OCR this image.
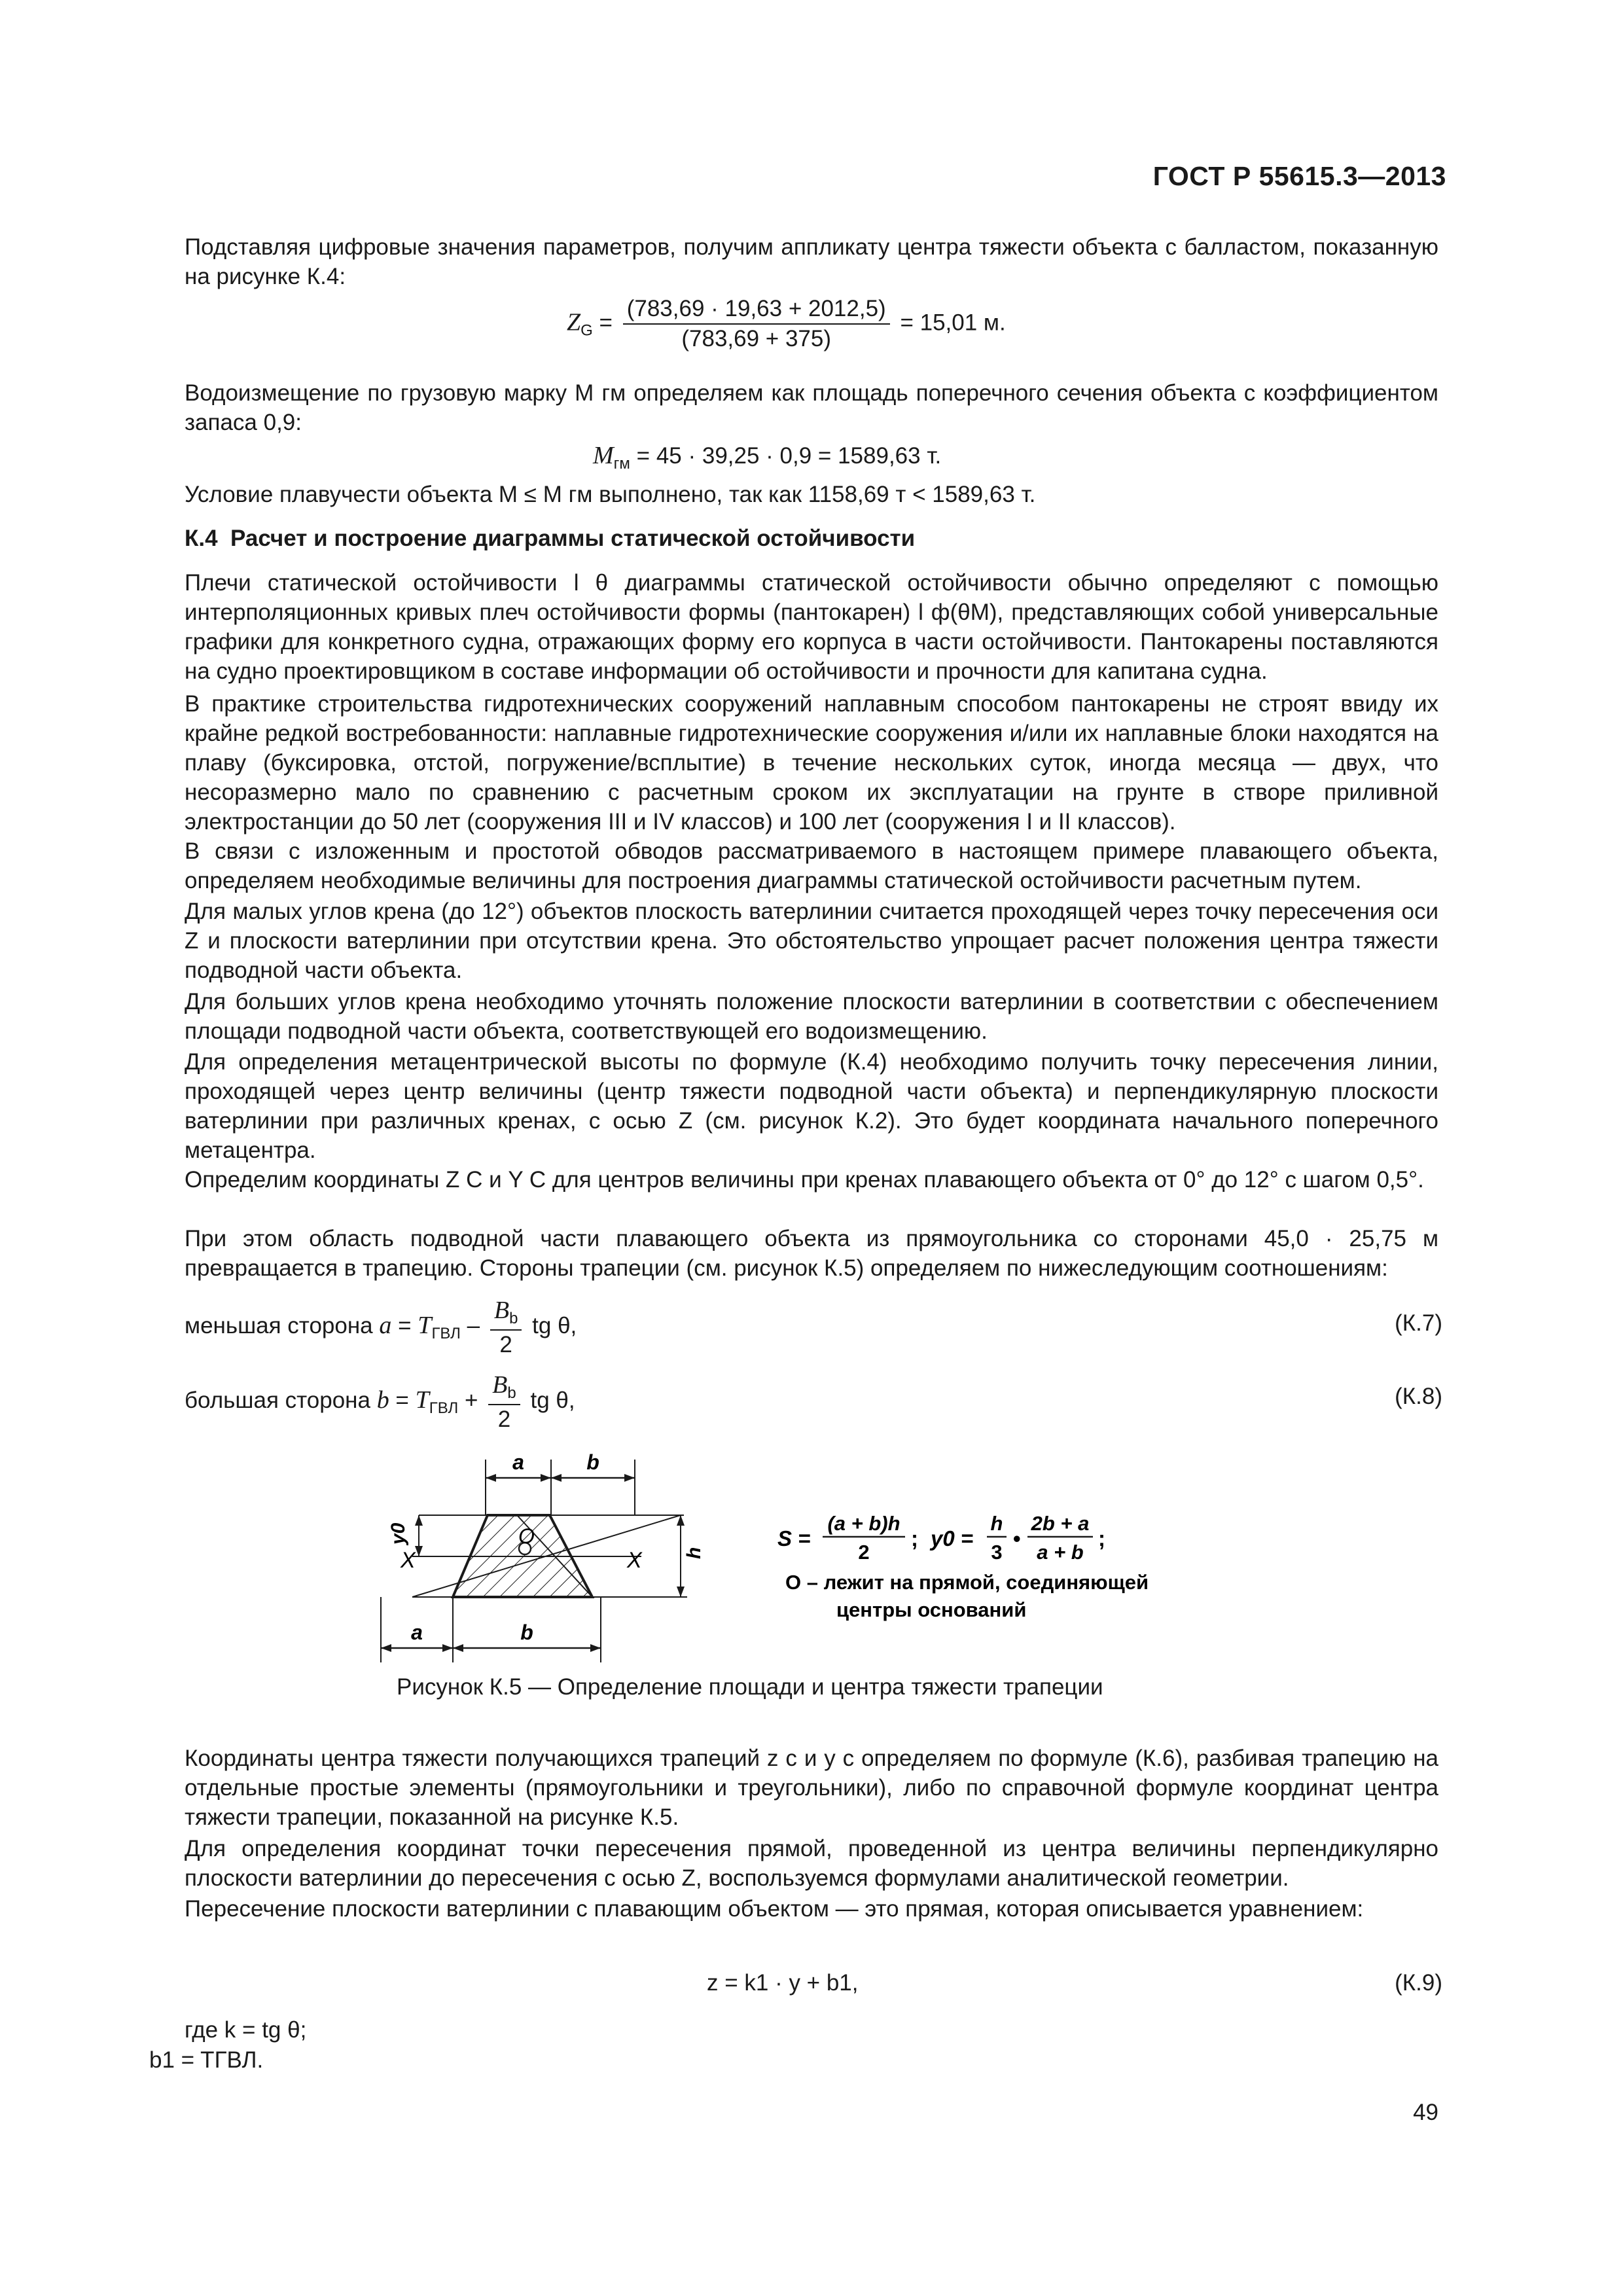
ГОСТ Р 55615.3—2013
Подставляя цифровые значения параметров, получим аппликату центра тяжести объекта с балластом, показанную на рисунке К.4:
$Z_G = \frac{(783,69 \cdot 19,63 + 2012,5)}{(783,69 + 375)} = 15,01$ м.
Водоизмещение по грузовую марку M гм определяем как площадь поперечного сечения объекта с коэффициентом запаса 0,9:
$M_{гм} = 45 \cdot 39,25 \cdot 0,9 = 1589,63$ т.
Условие плавучести объекта M ≤ M гм выполнено, так как 1158,69 т < 1589,63 т.
К.4 Расчет и построение диаграммы статической остойчивости
Плечи статической остойчивости l θ диаграммы статической остойчивости обычно определяют с помощью интерполяционных кривых плеч остойчивости формы (пантокарен) l ф(θM), представляющих собой универсальные графики для конкретного судна, отражающих форму его корпуса в части остойчивости. Пантокарены поставляются на судно проектировщиком в составе информации об остойчивости и прочности для капитана судна.
В практике строительства гидротехнических сооружений наплавным способом пантокарены не строят ввиду их крайне редкой востребованности: наплавные гидротехнические сооружения и/или их наплавные блоки находятся на плаву (буксировка, отстой, погружение/всплытие) в течение нескольких суток, иногда месяца — двух, что несоразмерно мало по сравнению с расчетным сроком их эксплуатации на грунте в створе приливной электростанции до 50 лет (сооружения III и IV классов) и 100 лет (сооружения I и II классов).
В связи с изложенным и простотой обводов рассматриваемого в настоящем примере плавающего объекта, определяем необходимые величины для построения диаграммы статической остойчивости расчетным путем.
Для малых углов крена (до 12°) объектов плоскость ватерлинии считается проходящей через точку пересечения оси Z и плоскости ватерлинии при отсутствии крена. Это обстоятельство упрощает расчет положения центра тяжести подводной части объекта.
Для больших углов крена необходимо уточнять положение плоскости ватерлинии в соответствии с обеспечением площади подводной части объекта, соответствующей его водоизмещению.
Для определения метацентрической высоты по формуле (К.4) необходимо получить точку пересечения линии, проходящей через центр величины (центр тяжести подводной части объекта) и перпендикулярную плоскости ватерлинии при различных кренах, с осью Z (см. рисунок К.2). Это будет координата начального поперечного метацентра.
Определим координаты Z C и Y C для центров величины при кренах плавающего объекта от 0° до 12° с шагом 0,5°.
При этом область подводной части плавающего объекта из прямоугольника со сторонами 45,0 · 25,75 м превращается в трапецию. Стороны трапеции (см. рисунок К.5) определяем по нижеследующим соотношениям:
меньшая сторона $a = T_{ГВЛ} - \frac{B_b}{2}$ tg θ,	(К.7)
большая сторона $b = T_{ГВЛ} + \frac{B_b}{2}$ tg θ,	(К.8)
a	b
X	X
O
y0
h
a	b
S =
(a + b)h
2
; y0 =
h
3
•
2b + a
a + b
;
O – лежит на прямой, соединяющей
центры оснований
Рисунок К.5 — Определение площади и центра тяжести трапеции
Координаты центра тяжести получающихся трапеций z c и y c определяем по формуле (К.6), разбивая трапецию на отдельные простые элементы (прямоугольники и треугольники), либо по справочной формуле координат центра тяжести трапеции, показанной на рисунке К.5.
Для определения координат точки пересечения прямой, проведенной из центра величины перпендикулярно плоскости ватерлинии до пересечения с осью Z, воспользуемся формулами аналитической геометрии.
Пересечение плоскости ватерлинии с плавающим объектом — это прямая, которая описывается уравнением:
z = k1 · y + b1,	(К.9)
где k = tg θ;
b1 = TГВЛ.
49
